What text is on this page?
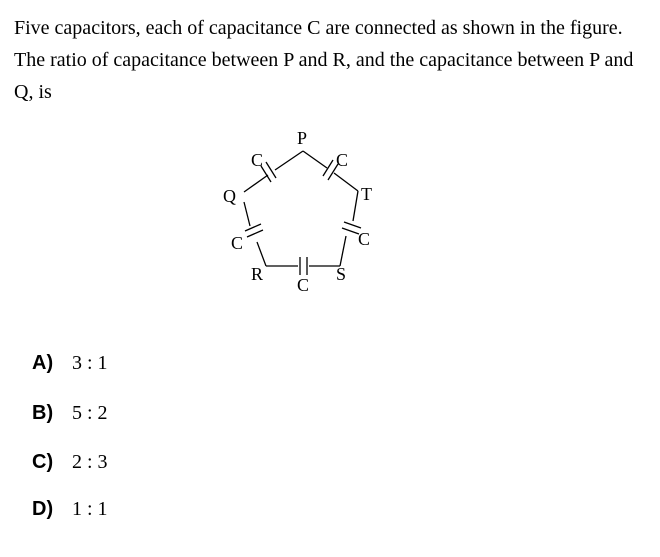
Five capacitors, each of capacitance C are connected as shown in the figure. The ratio of capacitance between P and R, and the capacitance between P and Q, is

P
Q
R	S
T
C	C
C	C
C
A) 3 : 1
B) 5 : 2
C) 2 : 3
D) 1 : 1
